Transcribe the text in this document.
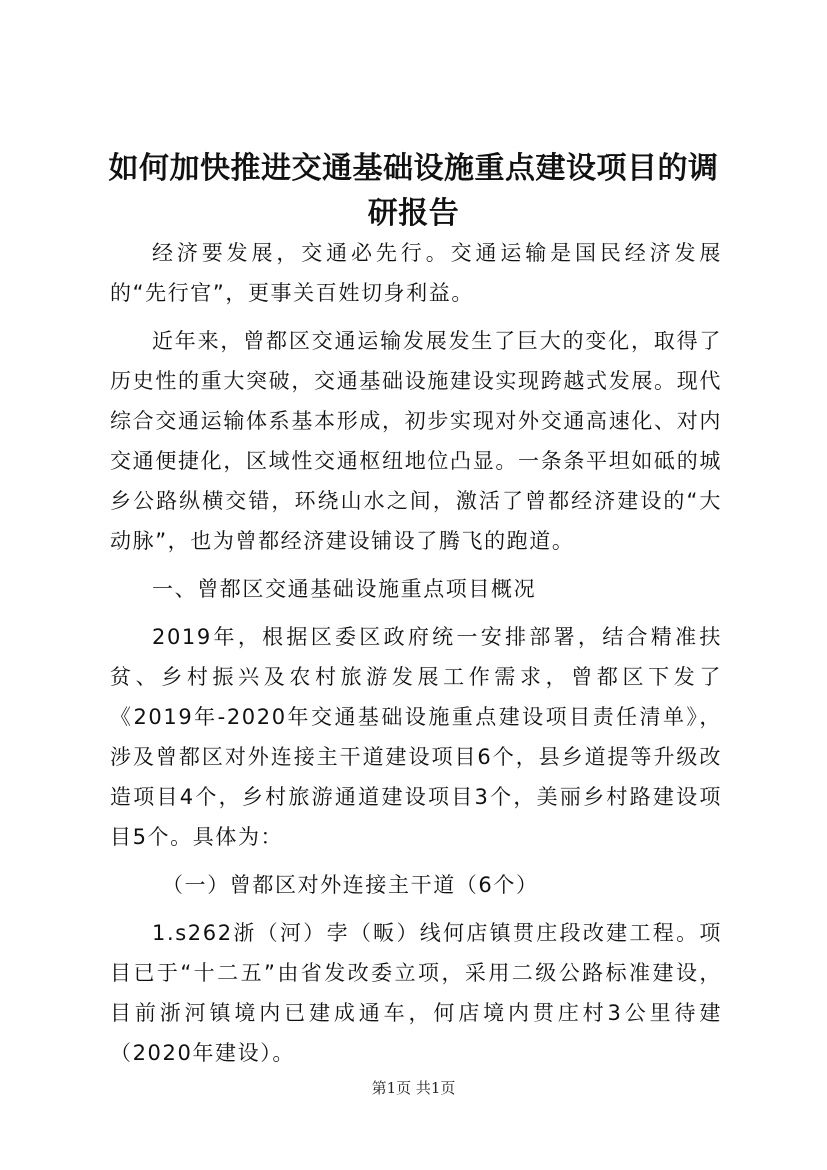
如何加快推进交通基础设施重点建设项目的调研报告

经济要发展，交通必先行。交通运输是国民经济发展的“先行官”，更事关百姓切身利益。

近年来，曾都区交通运输发展发生了巨大的变化，取得了历史性的重大突破，交通基础设施建设实现跨越式发展。现代综合交通运输体系基本形成，初步实现对外交通高速化、对内交通便捷化，区域性交通枢纽地位凸显。一条条平坦如砥的城乡公路纵横交错，环绕山水之间，激活了曾都经济建设的“大动脉”，也为曾都经济建设铺设了腾飞的跑道。

一、曾都区交通基础设施重点项目概况

2019年，根据区委区政府统一安排部署，结合精准扶贫、乡村振兴及农村旅游发展工作需求，曾都区下发了《2019年-2020年交通基础设施重点建设项目责任清单》，涉及曾都区对外连接主干道建设项目6个，县乡道提等升级改造项目4个，乡村旅游通道建设项目3个，美丽乡村路建设项目5个。具体为：

（一）曾都区对外连接主干道（6个）

1.s262浙（河）孛（畈）线何店镇贯庄段改建工程。项目已于“十二五”由省发改委立项，采用二级公路标准建设，目前浙河镇境内已建成通车，何店境内贯庄村3公里待建（2020年建设）。

第1页 共1页
